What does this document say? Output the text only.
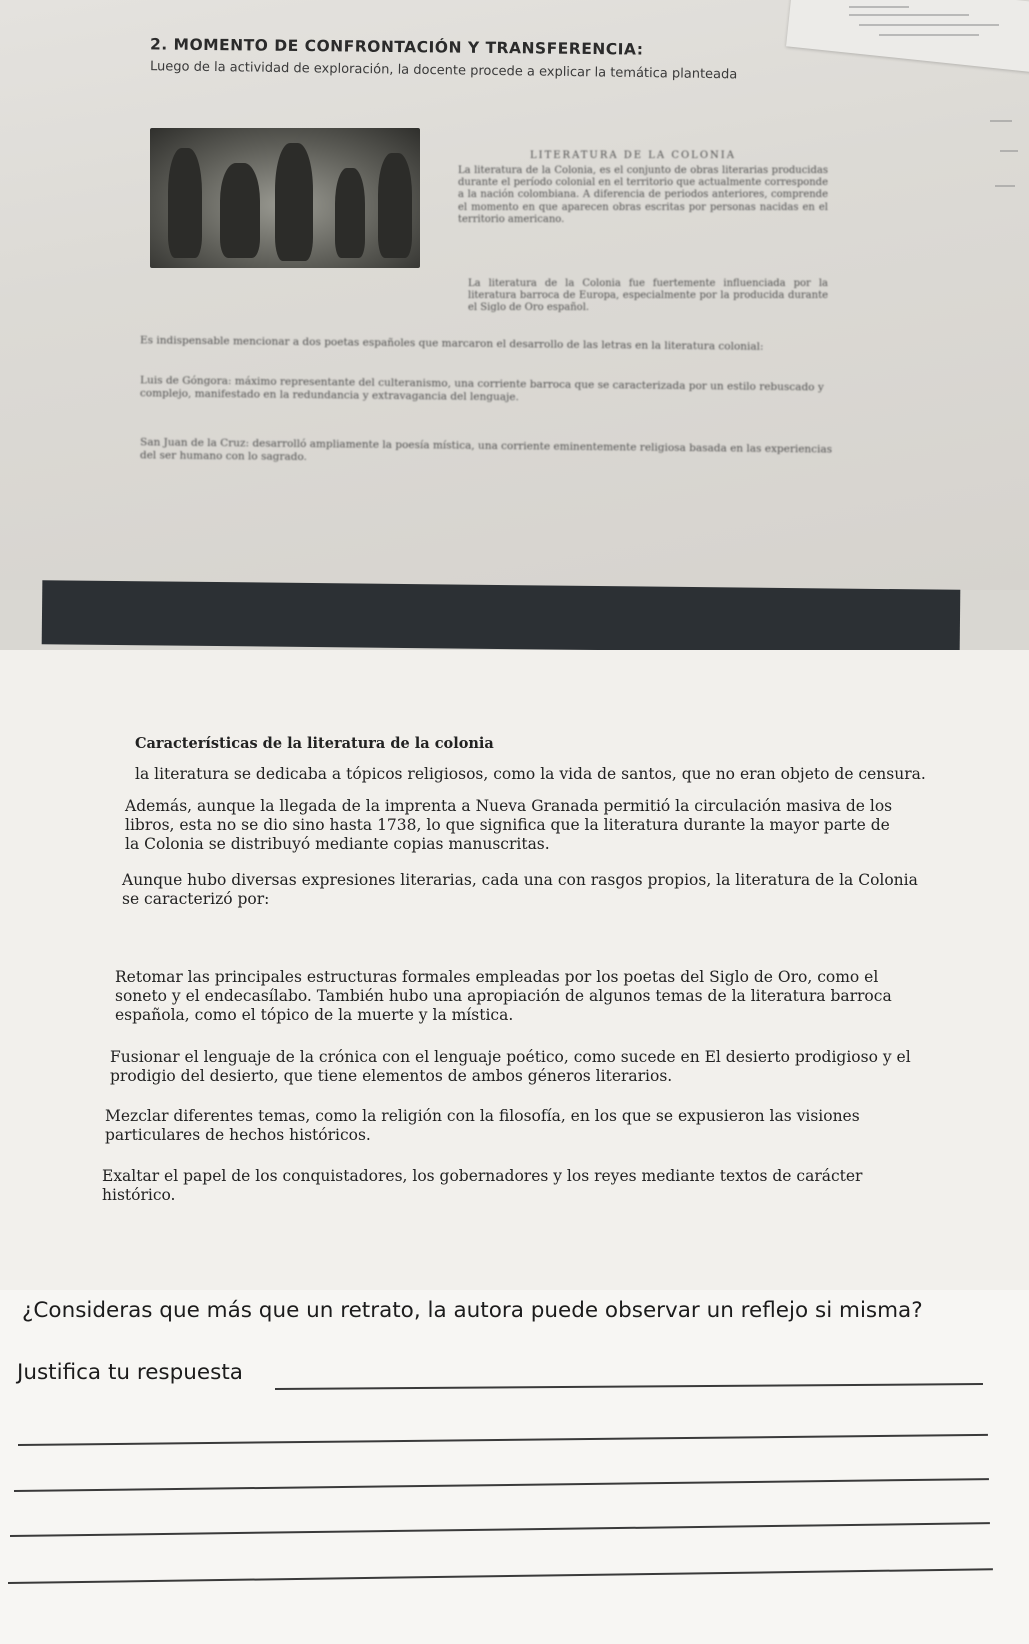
2. MOMENTO DE CONFRONTACIÓN Y TRANSFERENCIA:

Luego de la actividad de exploración, la docente procede a explicar la temática planteada

LITERATURA DE LA COLONIA

La literatura de la Colonia, es el conjunto de obras literarias producidas durante el período colonial en el territorio que actualmente corresponde a la nación colombiana. A diferencia de periodos anteriores, comprende el momento en que aparecen obras escritas por personas nacidas en el territorio americano.

La literatura de la Colonia fue fuertemente influenciada por la literatura barroca de Europa, especialmente por la producida durante el Siglo de Oro español.

Es indispensable mencionar a dos poetas españoles que marcaron el desarrollo de las letras en la literatura colonial:

Luis de Góngora: máximo representante del culteranismo, una corriente barroca que se caracterizada por un estilo rebuscado y complejo, manifestado en la redundancia y extravagancia del lenguaje.

San Juan de la Cruz: desarrolló ampliamente la poesía mística, una corriente eminentemente religiosa basada en las experiencias del ser humano con lo sagrado.

Características de la literatura de la colonia

la literatura se dedicaba a tópicos religiosos, como la vida de santos, que no eran objeto de censura.

Además, aunque la llegada de la imprenta a Nueva Granada permitió la circulación masiva de los libros, esta no se dio sino hasta 1738, lo que significa que la literatura durante la mayor parte de la Colonia se distribuyó mediante copias manuscritas.

Aunque hubo diversas expresiones literarias, cada una con rasgos propios, la literatura de la Colonia se caracterizó por:

Retomar las principales estructuras formales empleadas por los poetas del Siglo de Oro, como el soneto y el endecasílabo. También hubo una apropiación de algunos temas de la literatura barroca española, como el tópico de la muerte y la mística.

Fusionar el lenguaje de la crónica con el lenguaje poético, como sucede en El desierto prodigioso y el prodigio del desierto, que tiene elementos de ambos géneros literarios.

Mezclar diferentes temas, como la religión con la filosofía, en los que se expusieron las visiones particulares de hechos históricos.

Exaltar el papel de los conquistadores, los gobernadores y los reyes mediante textos de carácter histórico.

¿Consideras que más que un retrato, la autora puede observar un reflejo si misma?

Justifica tu respuesta
